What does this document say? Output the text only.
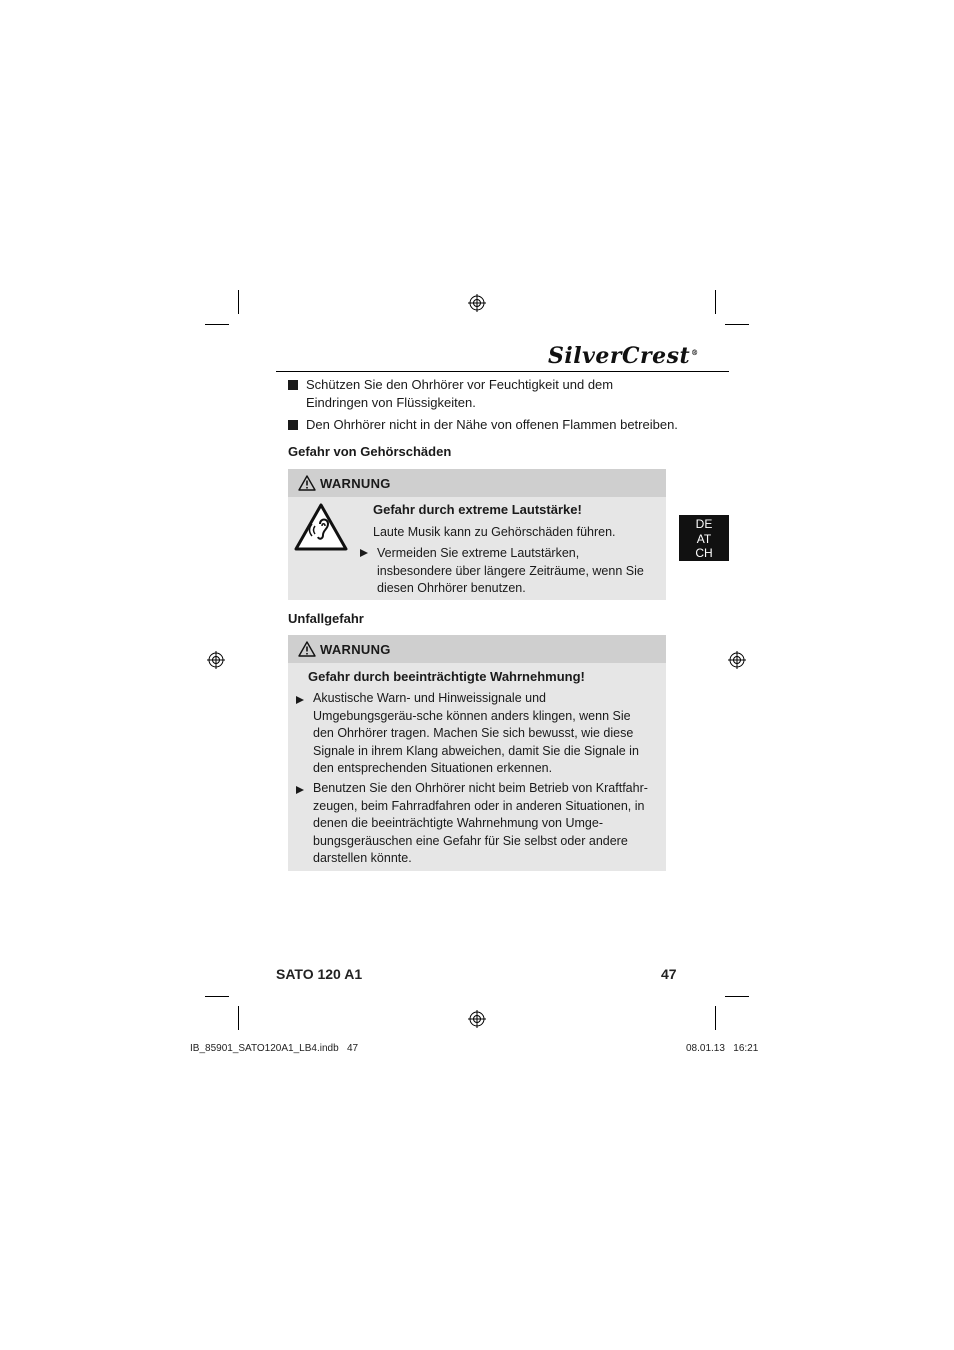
SilverCrest®
Schützen Sie den Ohrhörer vor Feuchtigkeit und dem Eindringen von Flüssigkeiten.
Den Ohrhörer nicht in der Nähe von offenen Flammen betreiben.
Gefahr von Gehörschäden
WARNUNG
Gefahr durch extreme Lautstärke!
Laute Musik kann zu Gehörschäden führen.
Vermeiden Sie extreme Lautstärken, insbesondere über längere Zeiträume, wenn Sie diesen Ohrhörer benutzen.
Unfallgefahr
WARNUNG
Gefahr durch beeinträchtigte Wahrnehmung!
Akustische Warn- und Hinweissignale und Umgebungsgeräu-sche können anders klingen, wenn Sie den Ohrhörer tragen. Machen Sie sich bewusst, wie diese Signale in ihrem Klang abweichen, damit Sie die Signale in den entsprechenden Situationen erkennen.
Benutzen Sie den Ohrhörer nicht beim Betrieb von Kraftfahr-zeugen, beim Fahrradfahren oder in anderen Situationen, in denen die beeinträchtigte Wahrnehmung von Umge-bungsgeräuschen eine Gefahr für Sie selbst oder andere darstellen könnte.
DE
AT
CH
SATO 120 A1	47
IB_85901_SATO120A1_LB4.indb   47	08.01.13   16:21
